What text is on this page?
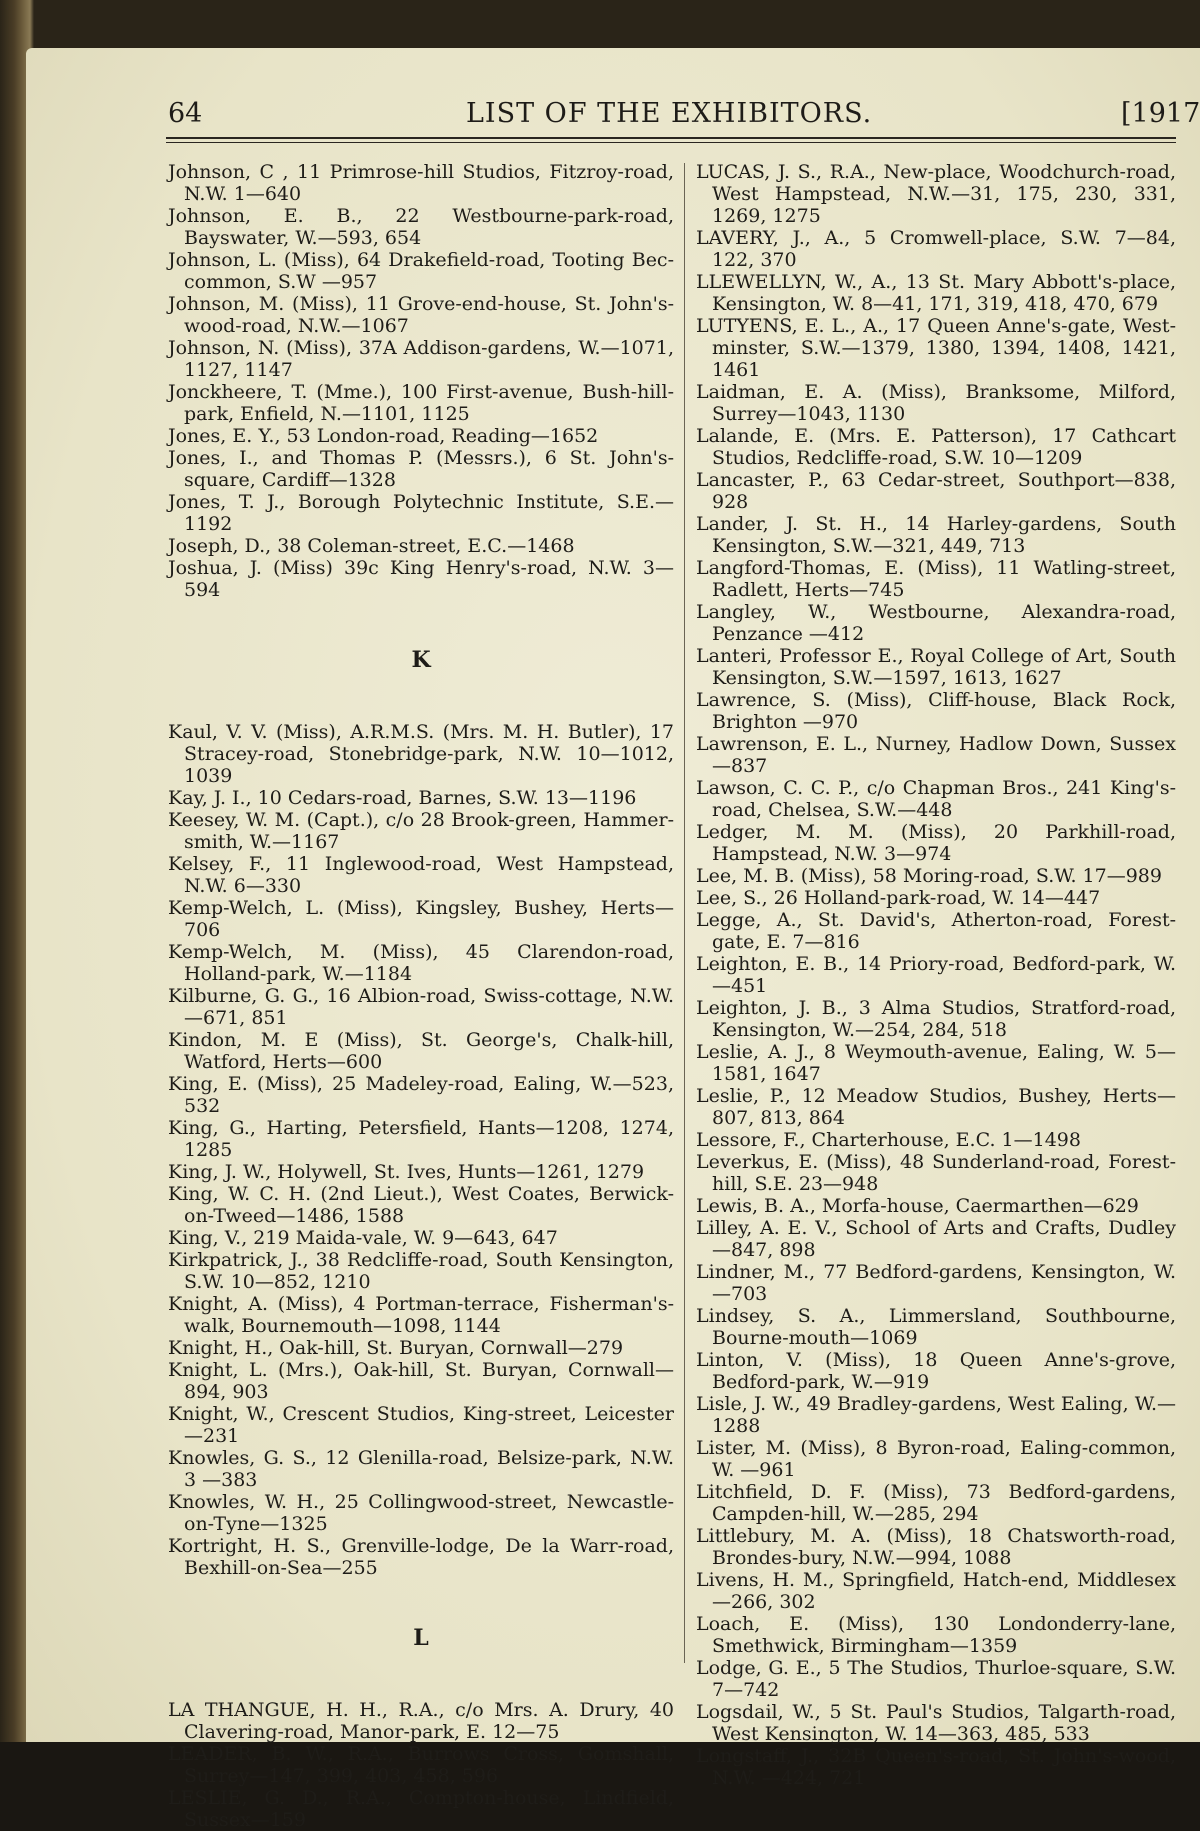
64	LIST OF THE EXHIBITORS.	[1917
Johnson, C , 11 Primrose-hill Studios, Fitzroy-road, N.W. 1—640
Johnson, E. B., 22 Westbourne-park-road, Bayswater, W.—593, 654
Johnson, L. (Miss), 64 Drakefield-road, Tooting Bec-common, S.W —957
Johnson, M. (Miss), 11 Grove-end-house, St. John's-wood-road, N.W.—1067
Johnson, N. (Miss), 37A Addison-gardens, W.—1071, 1127, 1147
Jonckheere, T. (Mme.), 100 First-avenue, Bush-hill-park, Enfield, N.—1101, 1125
Jones, E. Y., 53 London-road, Reading—1652
Jones, I., and Thomas P. (Messrs.), 6 St. John's-square, Cardiff—1328
Jones, T. J., Borough Polytechnic Institute, S.E.—1192
Joseph, D., 38 Coleman-street, E.C.—1468
Joshua, J. (Miss) 39c King Henry's-road, N.W. 3—594
K
Kaul, V. V. (Miss), A.R.M.S. (Mrs. M. H. Butler), 17 Stracey-road, Stonebridge-park, N.W. 10—1012, 1039
Kay, J. I., 10 Cedars-road, Barnes, S.W. 13—1196
Keesey, W. M. (Capt.), c/o 28 Brook-green, Hammer-smith, W.—1167
Kelsey, F., 11 Inglewood-road, West Hampstead, N.W. 6—330
Kemp-Welch, L. (Miss), Kingsley, Bushey, Herts—706
Kemp-Welch, M. (Miss), 45 Clarendon-road, Holland-park, W.—1184
Kilburne, G. G., 16 Albion-road, Swiss-cottage, N.W. —671, 851
Kindon, M. E (Miss), St. George's, Chalk-hill, Watford, Herts—600
King, E. (Miss), 25 Madeley-road, Ealing, W.—523, 532
King, G., Harting, Petersfield, Hants—1208, 1274, 1285
King, J. W., Holywell, St. Ives, Hunts—1261, 1279
King, W. C. H. (2nd Lieut.), West Coates, Berwick-on-Tweed—1486, 1588
King, V., 219 Maida-vale, W. 9—643, 647
Kirkpatrick, J., 38 Redcliffe-road, South Kensington, S.W. 10—852, 1210
Knight, A. (Miss), 4 Portman-terrace, Fisherman's-walk, Bournemouth—1098, 1144
Knight, H., Oak-hill, St. Buryan, Cornwall—279
Knight, L. (Mrs.), Oak-hill, St. Buryan, Cornwall—894, 903
Knight, W., Crescent Studios, King-street, Leicester —231
Knowles, G. S., 12 Glenilla-road, Belsize-park, N.W. 3 —383
Knowles, W. H., 25 Collingwood-street, Newcastle-on-Tyne—1325
Kortright, H. S., Grenville-lodge, De la Warr-road, Bexhill-on-Sea—255
L
LA THANGUE, H. H., R.A., c/o Mrs. A. Drury, 40 Clavering-road, Manor-park, E. 12—75
LEADER, B. W., R.A., Burrows Cross, Gomshall, Surrey—147, 399, 403, 458, 596
LESLIE, G. D., R.A., Compton-house, Lindfield, Sussex—159
LUCAS, J. S., R.A., New-place, Woodchurch-road, West Hampstead, N.W.—31, 175, 230, 331, 1269, 1275
LAVERY, J., A., 5 Cromwell-place, S.W. 7—84, 122, 370
LLEWELLYN, W., A., 13 St. Mary Abbott's-place, Kensington, W. 8—41, 171, 319, 418, 470, 679
LUTYENS, E. L., A., 17 Queen Anne's-gate, West-minster, S.W.—1379, 1380, 1394, 1408, 1421, 1461
Laidman, E. A. (Miss), Branksome, Milford, Surrey—1043, 1130
Lalande, E. (Mrs. E. Patterson), 17 Cathcart Studios, Redcliffe-road, S.W. 10—1209
Lancaster, P., 63 Cedar-street, Southport—838, 928
Lander, J. St. H., 14 Harley-gardens, South Kensington, S.W.—321, 449, 713
Langford-Thomas, E. (Miss), 11 Watling-street, Radlett, Herts—745
Langley, W., Westbourne, Alexandra-road, Penzance —412
Lanteri, Professor E., Royal College of Art, South Kensington, S.W.—1597, 1613, 1627
Lawrence, S. (Miss), Cliff-house, Black Rock, Brighton —970
Lawrenson, E. L., Nurney, Hadlow Down, Sussex—837
Lawson, C. C. P., c/o Chapman Bros., 241 King's-road, Chelsea, S.W.—448
Ledger, M. M. (Miss), 20 Parkhill-road, Hampstead, N.W. 3—974
Lee, M. B. (Miss), 58 Moring-road, S.W. 17—989
Lee, S., 26 Holland-park-road, W. 14—447
Legge, A., St. David's, Atherton-road, Forest-gate, E. 7—816
Leighton, E. B., 14 Priory-road, Bedford-park, W.—451
Leighton, J. B., 3 Alma Studios, Stratford-road, Kensington, W.—254, 284, 518
Leslie, A. J., 8 Weymouth-avenue, Ealing, W. 5—1581, 1647
Leslie, P., 12 Meadow Studios, Bushey, Herts—807, 813, 864
Lessore, F., Charterhouse, E.C. 1—1498
Leverkus, E. (Miss), 48 Sunderland-road, Forest-hill, S.E. 23—948
Lewis, B. A., Morfa-house, Caermarthen—629
Lilley, A. E. V., School of Arts and Crafts, Dudley—847, 898
Lindner, M., 77 Bedford-gardens, Kensington, W.—703
Lindsey, S. A., Limmersland, Southbourne, Bourne-mouth—1069
Linton, V. (Miss), 18 Queen Anne's-grove, Bedford-park, W.—919
Lisle, J. W., 49 Bradley-gardens, West Ealing, W.—1288
Lister, M. (Miss), 8 Byron-road, Ealing-common, W. —961
Litchfield, D. F. (Miss), 73 Bedford-gardens, Campden-hill, W.—285, 294
Littlebury, M. A. (Miss), 18 Chatsworth-road, Brondes-bury, N.W.—994, 1088
Livens, H. M., Springfield, Hatch-end, Middlesex—266, 302
Loach, E. (Miss), 130 Londonderry-lane, Smethwick, Birmingham—1359
Lodge, G. E., 5 The Studios, Thurloe-square, S.W. 7—742
Logsdail, W., 5 St. Paul's Studios, Talgarth-road, West Kensington, W. 14—363, 485, 533
Longstaff, J., 32B Queen's-road, St. John's-wood, N.W. —424, 721
